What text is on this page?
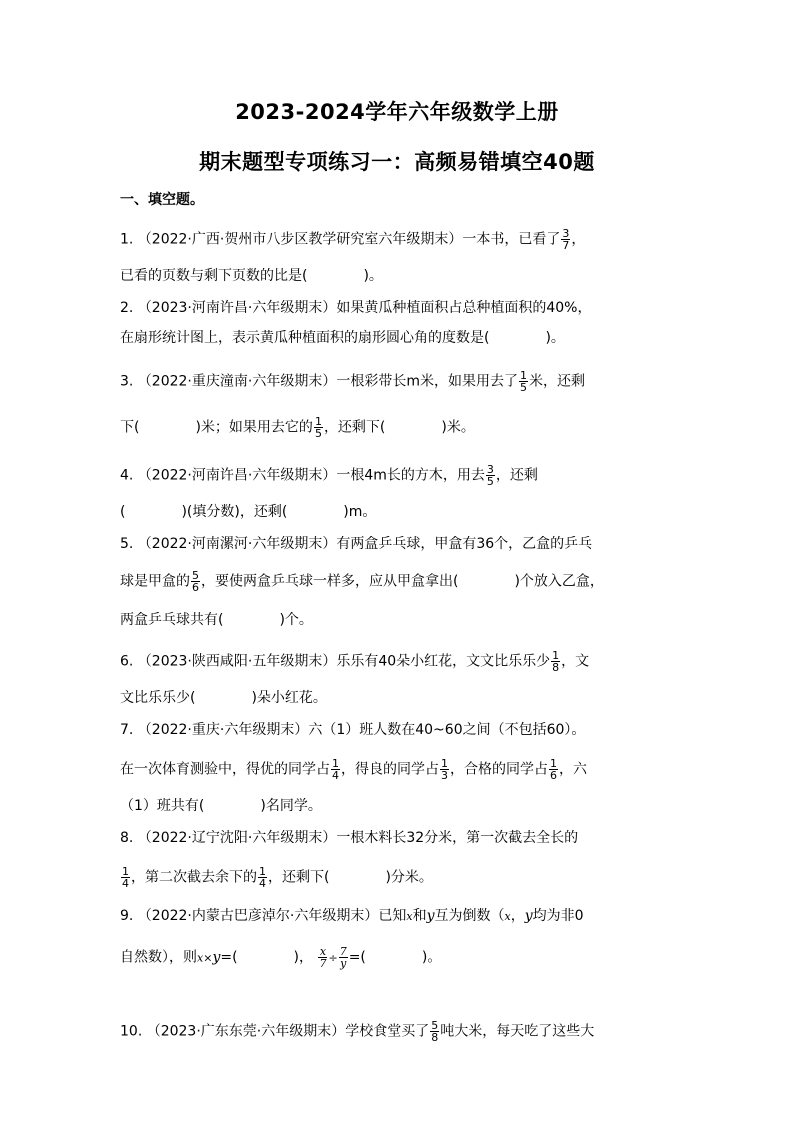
2023-2024学年六年级数学上册
期末题型专项练习一：高频易错填空40题
一、填空题。
1. （2022·广西·贺州市八步区教学研究室六年级期末）一本书，已看了 $\frac{3}{7}$ ，
已看的页数与剩下页数的比是(　　　　)。
2. （2023·河南许昌·六年级期末）如果黄瓜种植面积占总种植面积的40%，
在扇形统计图上，表示黄瓜种植面积的扇形圆心角的度数是(　　　　)。
3. （2022·重庆潼南·六年级期末）一根彩带长m米，如果用去了 $\frac{1}{5}$ 米，还剩
下(　　　　)米；如果用去它的 $\frac{1}{5}$ ，还剩下(　　　　)米。
4. （2022·河南许昌·六年级期末）一根4m长的方木，用去 $\frac{3}{5}$ ，还剩
(　　　　)(填分数)，还剩(　　　　)m。
5. （2022·河南漯河·六年级期末）有两盒乒乓球，甲盒有36个，乙盒的乒乓
球是甲盒的 $\frac{5}{6}$ ，要使两盒乒乓球一样多，应从甲盒拿出(　　　　)个放入乙盒，
两盒乒乓球共有(　　　　)个。
6. （2023·陕西咸阳·五年级期末）乐乐有40朵小红花，文文比乐乐少 $\frac{1}{8}$ ，文
文比乐乐少(　　　　)朵小红花。
7. （2022·重庆·六年级期末）六（1）班人数在40~60之间（不包括60）。
在一次体育测验中，得优的同学占 $\frac{1}{4}$ ，得良的同学占 $\frac{1}{3}$ ，合格的同学占 $\frac{1}{6}$ ，六
（1）班共有(　　　　)名同学。
8. （2022·辽宁沈阳·六年级期末）一根木料长32分米，第一次截去全长的
$\frac{1}{4}$ ，第二次截去余下的 $\frac{1}{4}$ ，还剩下(　　　　)分米。
9. （2022·内蒙古巴彦淖尔·六年级期末）已知x和y互为倒数（x，y均为非0
自然数），则x×y=(　　　　)， $\frac{x}{7} \div \frac{7}{y}$ =(　　　　)。
10. （2023·广东东莞·六年级期末）学校食堂买了 $\frac{5}{8}$ 吨大米，每天吃了这些大
